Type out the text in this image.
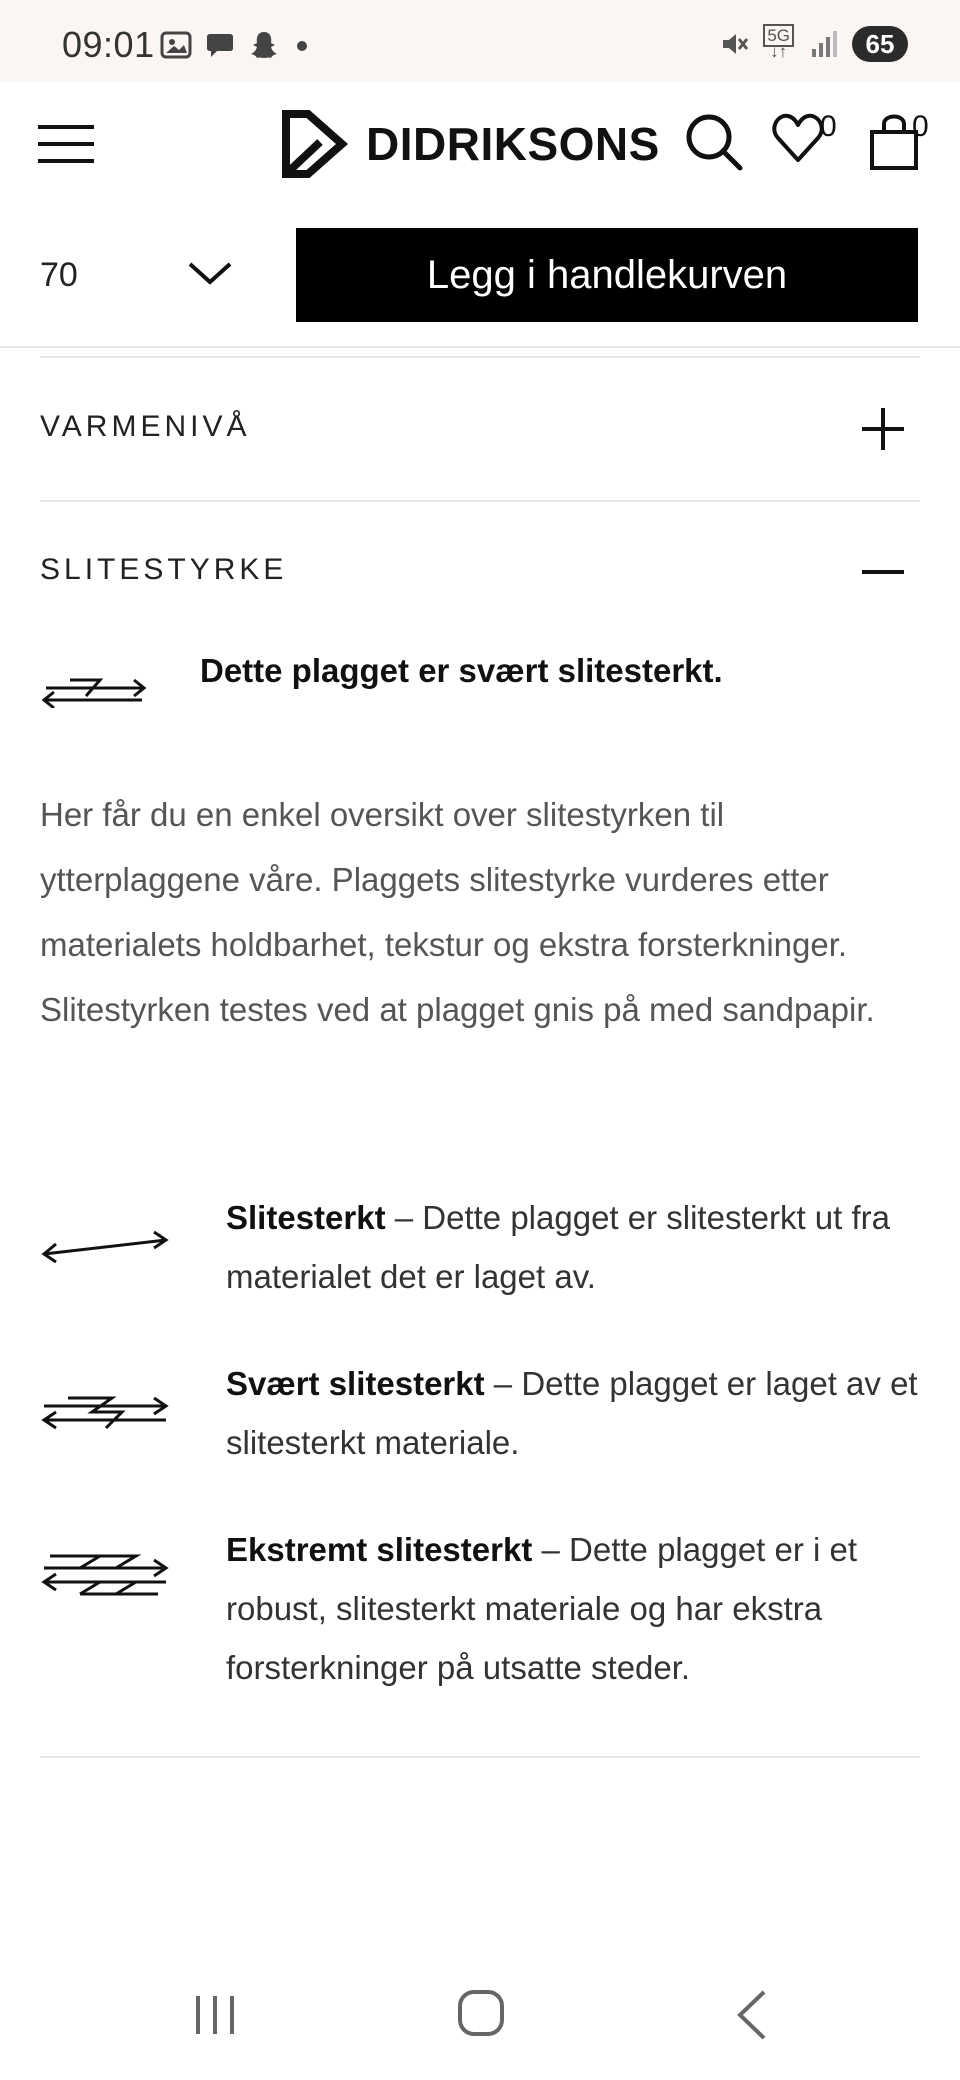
09:01	5G
↓↑	65
DIDRIKSONS	0	0
70	Legg i handlekurven
VARMENIVÅ
SLITESTYRKE
Dette plagget er svært slitesterkt.
Her får du en enkel oversikt over slitestyrken til ytterplaggene våre. Plaggets slitestyrke vurderes etter materialets holdbarhet, tekstur og ekstra forsterkninger. Slitestyrken testes ved at plagget gnis på med sandpapir.
Slitesterkt – Dette plagget er slitesterkt ut fra materialet det er laget av.
Svært slitesterkt – Dette plagget er laget av et slitesterkt materiale.
Ekstremt slitesterkt – Dette plagget er i et robust, slitesterkt materiale og har ekstra forsterkninger på utsatte steder.
